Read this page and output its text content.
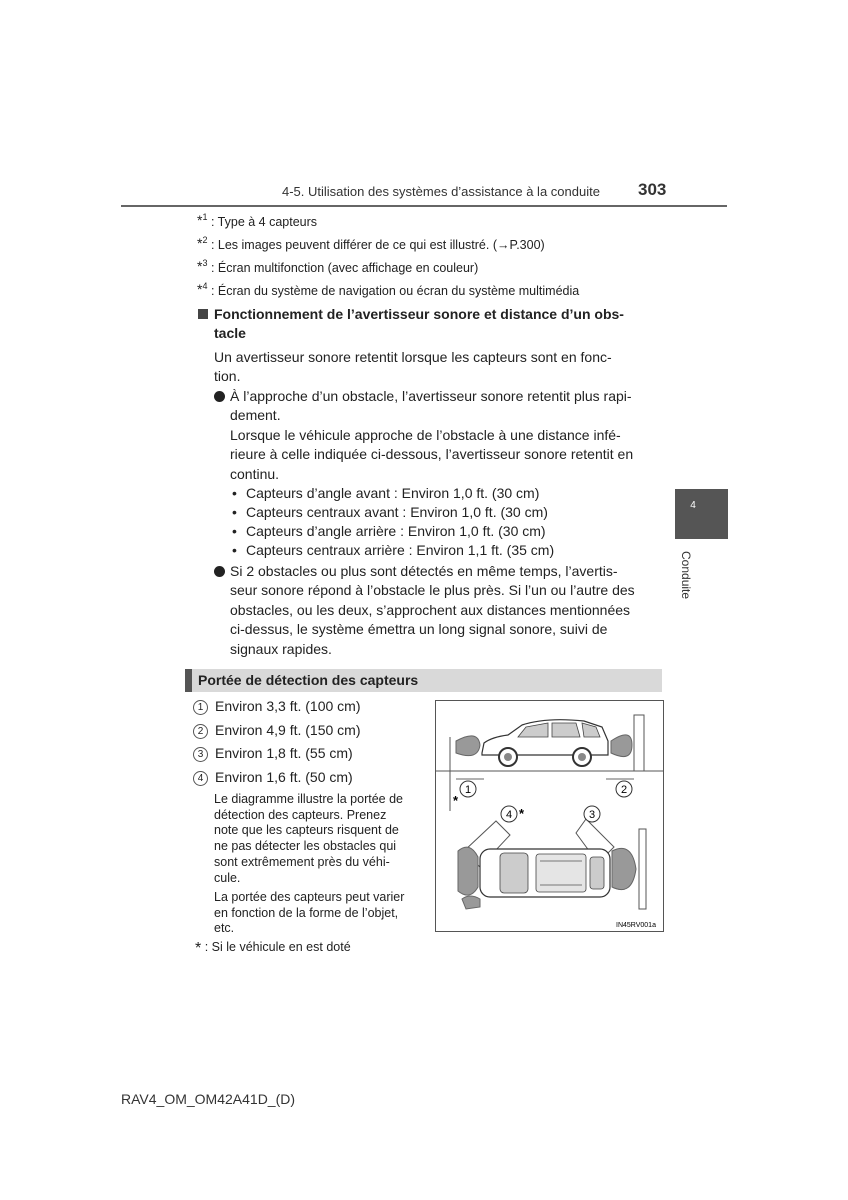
4-5. Utilisation des systèmes d’assistance à la conduite 303
$^{*1}$ : Type à 4 capteurs
$^{*2}$ : Les images peuvent différer de ce qui est illustré. (→P.300)
$^{*3}$ : Écran multifonction (avec affichage en couleur)
$^{*4}$ : Écran du système de navigation ou écran du système multimédia
Fonctionnement de l’avertisseur sonore et distance d’un obs-
tacle
Un avertisseur sonore retentit lorsque les capteurs sont en fonc-
tion.
À l’approche d’un obstacle, l’avertisseur sonore retentit plus rapi-
dement.
Lorsque le véhicule approche de l’obstacle à une distance infé-
rieure à celle indiquée ci-dessous, l’avertisseur sonore retentit en
continu.
• Capteurs d’angle avant : Environ 1,0 ft. (30 cm)
• Capteurs centraux avant : Environ 1,0 ft. (30 cm)
• Capteurs d’angle arrière : Environ 1,0 ft. (30 cm)
• Capteurs centraux arrière : Environ 1,1 ft. (35 cm)
Si 2 obstacles ou plus sont détectés en même temps, l’avertis-
seur sonore répond à l’obstacle le plus près. Si l’un ou l’autre des
obstacles, ou les deux, s’approchent aux distances mentionnées
ci-dessus, le système émettra un long signal sonore, suivi de
signaux rapides.
4
Conduite
Portée de détection des capteurs
1 Environ 3,3 ft. (100 cm)
2 Environ 4,9 ft. (150 cm)
3 Environ 1,8 ft. (55 cm)
4 Environ 1,6 ft. (50 cm)
Le diagramme illustre la portée de
détection des capteurs. Prenez
note que les capteurs risquent de
ne pas détecter les obstacles qui
sont extrêmement près du véhi-
cule.
La portée des capteurs peut varier
en fonction de la forme de l’objet,
etc.
* : Si le véhicule en est doté
1
*
2
4 *	3
IN45RV001a
RAV4_OM_OM42A41D_(D)
